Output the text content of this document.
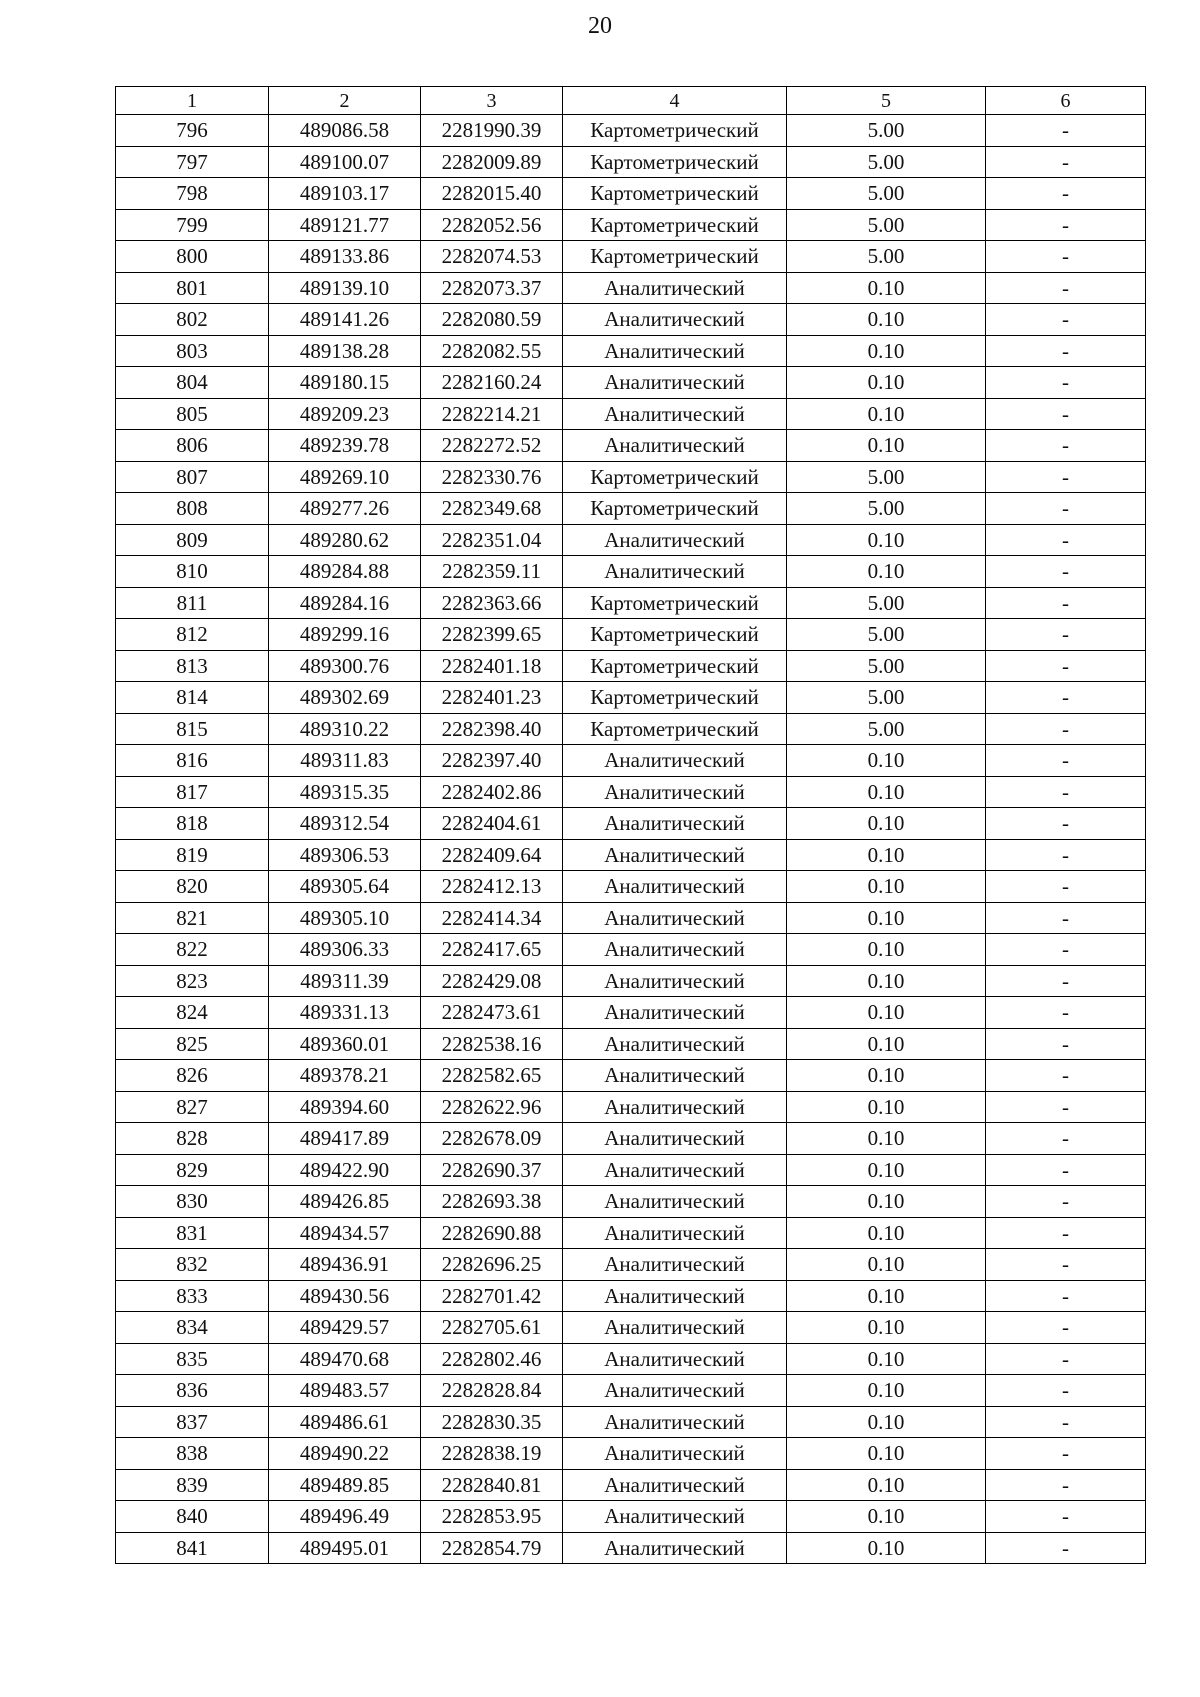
20
1	2	3	4	5	6
796	489086.58	2281990.39	Картометрический	5.00	-
797	489100.07	2282009.89	Картометрический	5.00	-
798	489103.17	2282015.40	Картометрический	5.00	-
799	489121.77	2282052.56	Картометрический	5.00	-
800	489133.86	2282074.53	Картометрический	5.00	-
801	489139.10	2282073.37	Аналитический	0.10	-
802	489141.26	2282080.59	Аналитический	0.10	-
803	489138.28	2282082.55	Аналитический	0.10	-
804	489180.15	2282160.24	Аналитический	0.10	-
805	489209.23	2282214.21	Аналитический	0.10	-
806	489239.78	2282272.52	Аналитический	0.10	-
807	489269.10	2282330.76	Картометрический	5.00	-
808	489277.26	2282349.68	Картометрический	5.00	-
809	489280.62	2282351.04	Аналитический	0.10	-
810	489284.88	2282359.11	Аналитический	0.10	-
811	489284.16	2282363.66	Картометрический	5.00	-
812	489299.16	2282399.65	Картометрический	5.00	-
813	489300.76	2282401.18	Картометрический	5.00	-
814	489302.69	2282401.23	Картометрический	5.00	-
815	489310.22	2282398.40	Картометрический	5.00	-
816	489311.83	2282397.40	Аналитический	0.10	-
817	489315.35	2282402.86	Аналитический	0.10	-
818	489312.54	2282404.61	Аналитический	0.10	-
819	489306.53	2282409.64	Аналитический	0.10	-
820	489305.64	2282412.13	Аналитический	0.10	-
821	489305.10	2282414.34	Аналитический	0.10	-
822	489306.33	2282417.65	Аналитический	0.10	-
823	489311.39	2282429.08	Аналитический	0.10	-
824	489331.13	2282473.61	Аналитический	0.10	-
825	489360.01	2282538.16	Аналитический	0.10	-
826	489378.21	2282582.65	Аналитический	0.10	-
827	489394.60	2282622.96	Аналитический	0.10	-
828	489417.89	2282678.09	Аналитический	0.10	-
829	489422.90	2282690.37	Аналитический	0.10	-
830	489426.85	2282693.38	Аналитический	0.10	-
831	489434.57	2282690.88	Аналитический	0.10	-
832	489436.91	2282696.25	Аналитический	0.10	-
833	489430.56	2282701.42	Аналитический	0.10	-
834	489429.57	2282705.61	Аналитический	0.10	-
835	489470.68	2282802.46	Аналитический	0.10	-
836	489483.57	2282828.84	Аналитический	0.10	-
837	489486.61	2282830.35	Аналитический	0.10	-
838	489490.22	2282838.19	Аналитический	0.10	-
839	489489.85	2282840.81	Аналитический	0.10	-
840	489496.49	2282853.95	Аналитический	0.10	-
841	489495.01	2282854.79	Аналитический	0.10	-
